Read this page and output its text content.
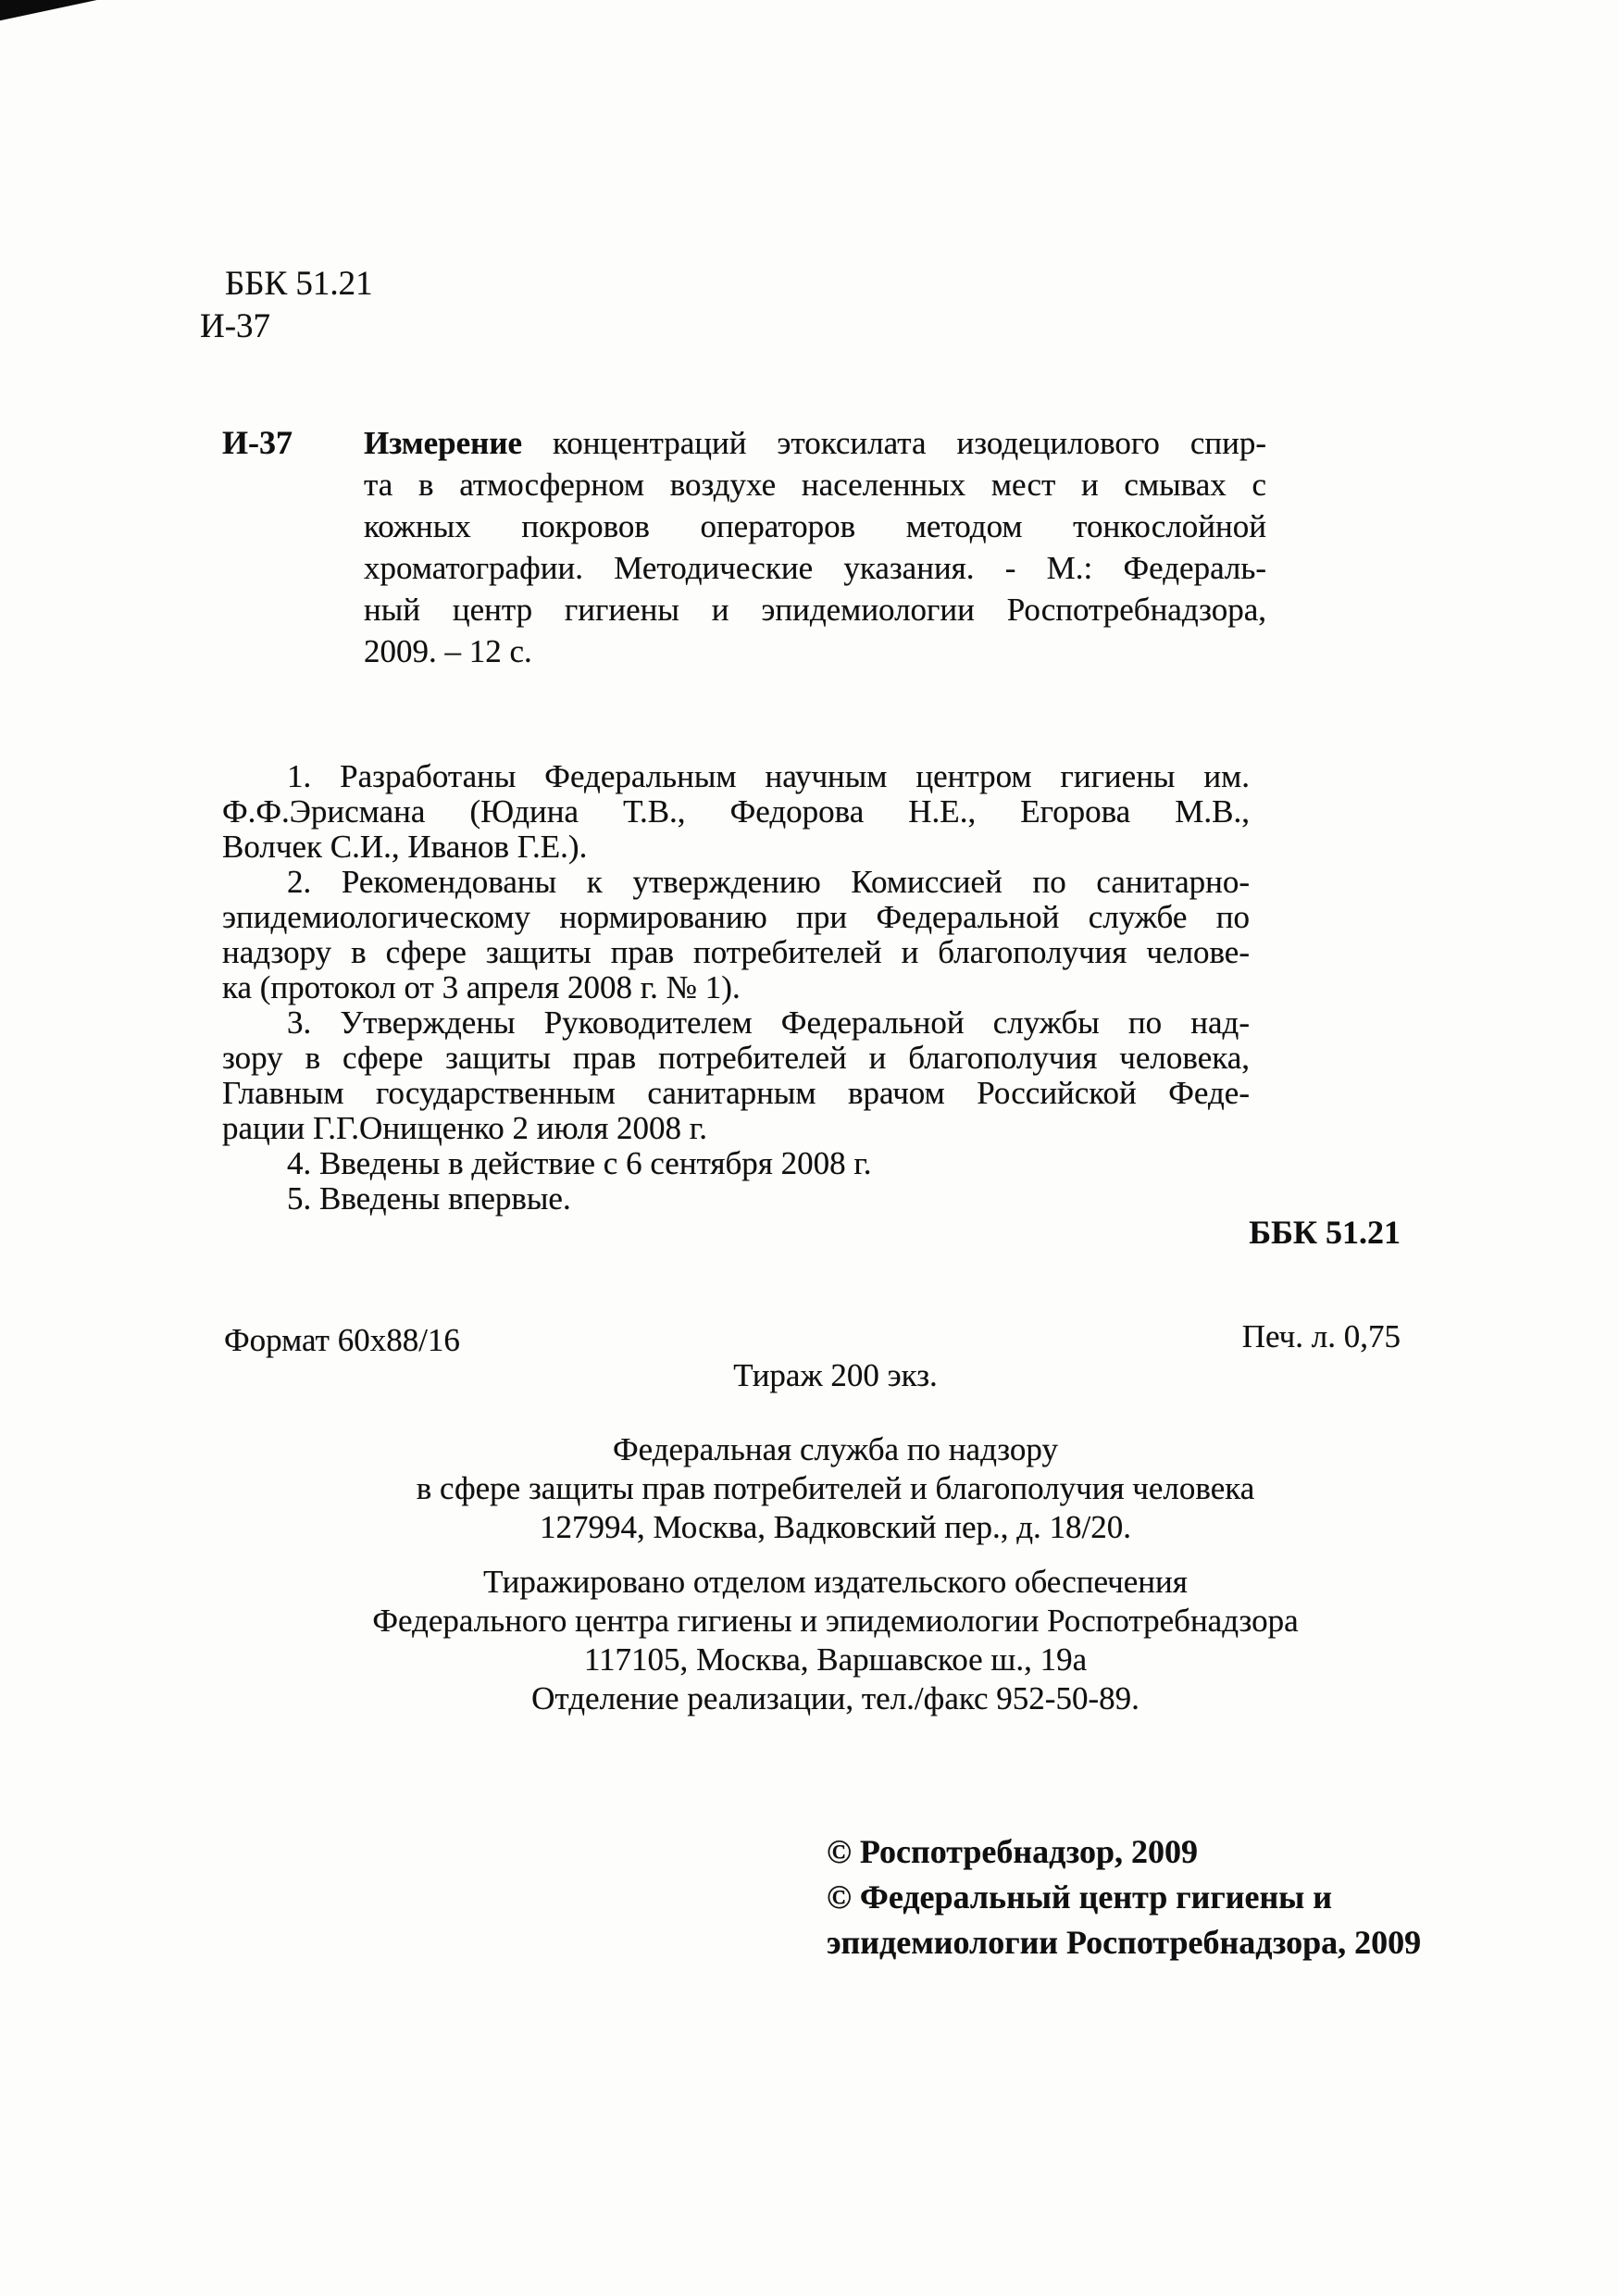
ББК 51.21
И-37
И-37 Измерение концентраций этоксилата изодецилового спир-
та в атмосферном воздухе населенных мест и смывах с
кожных покровов операторов методом тонкослойной
хроматографии. Методические указания. - М.: Федераль-
ный центр гигиены и эпидемиологии Роспотребнадзора,
2009. – 12 с.
1. Разработаны Федеральным научным центром гигиены им.
Ф.Ф.Эрисмана (Юдина Т.В., Федорова Н.Е., Егорова М.В.,
Волчек С.И., Иванов Г.Е.).
2. Рекомендованы к утверждению Комиссией по санитарно-
эпидемиологическому нормированию при Федеральной службе по
надзору в сфере защиты прав потребителей и благополучия челове-
ка (протокол от 3 апреля 2008 г. № 1).
3. Утверждены Руководителем Федеральной службы по над-
зору в сфере защиты прав потребителей и благополучия человека,
Главным государственным санитарным врачом Российской Феде-
рации Г.Г.Онищенко 2 июля 2008 г.
4. Введены в действие с 6 сентября 2008 г.
5. Введены впервые.
ББК 51.21
Формат 60x88/16	Печ. л. 0,75
Тираж 200 экз.
Федеральная служба по надзору
в сфере защиты прав потребителей и благополучия человека
127994, Москва, Вадковский пер., д. 18/20.
Тиражировано отделом издательского обеспечения
Федерального центра гигиены и эпидемиологии Роспотребнадзора
117105, Москва, Варшавское ш., 19а
Отделение реализации, тел./факс 952-50-89.
© Роспотребнадзор, 2009
© Федеральный центр гигиены и
эпидемиологии Роспотребнадзора, 2009
